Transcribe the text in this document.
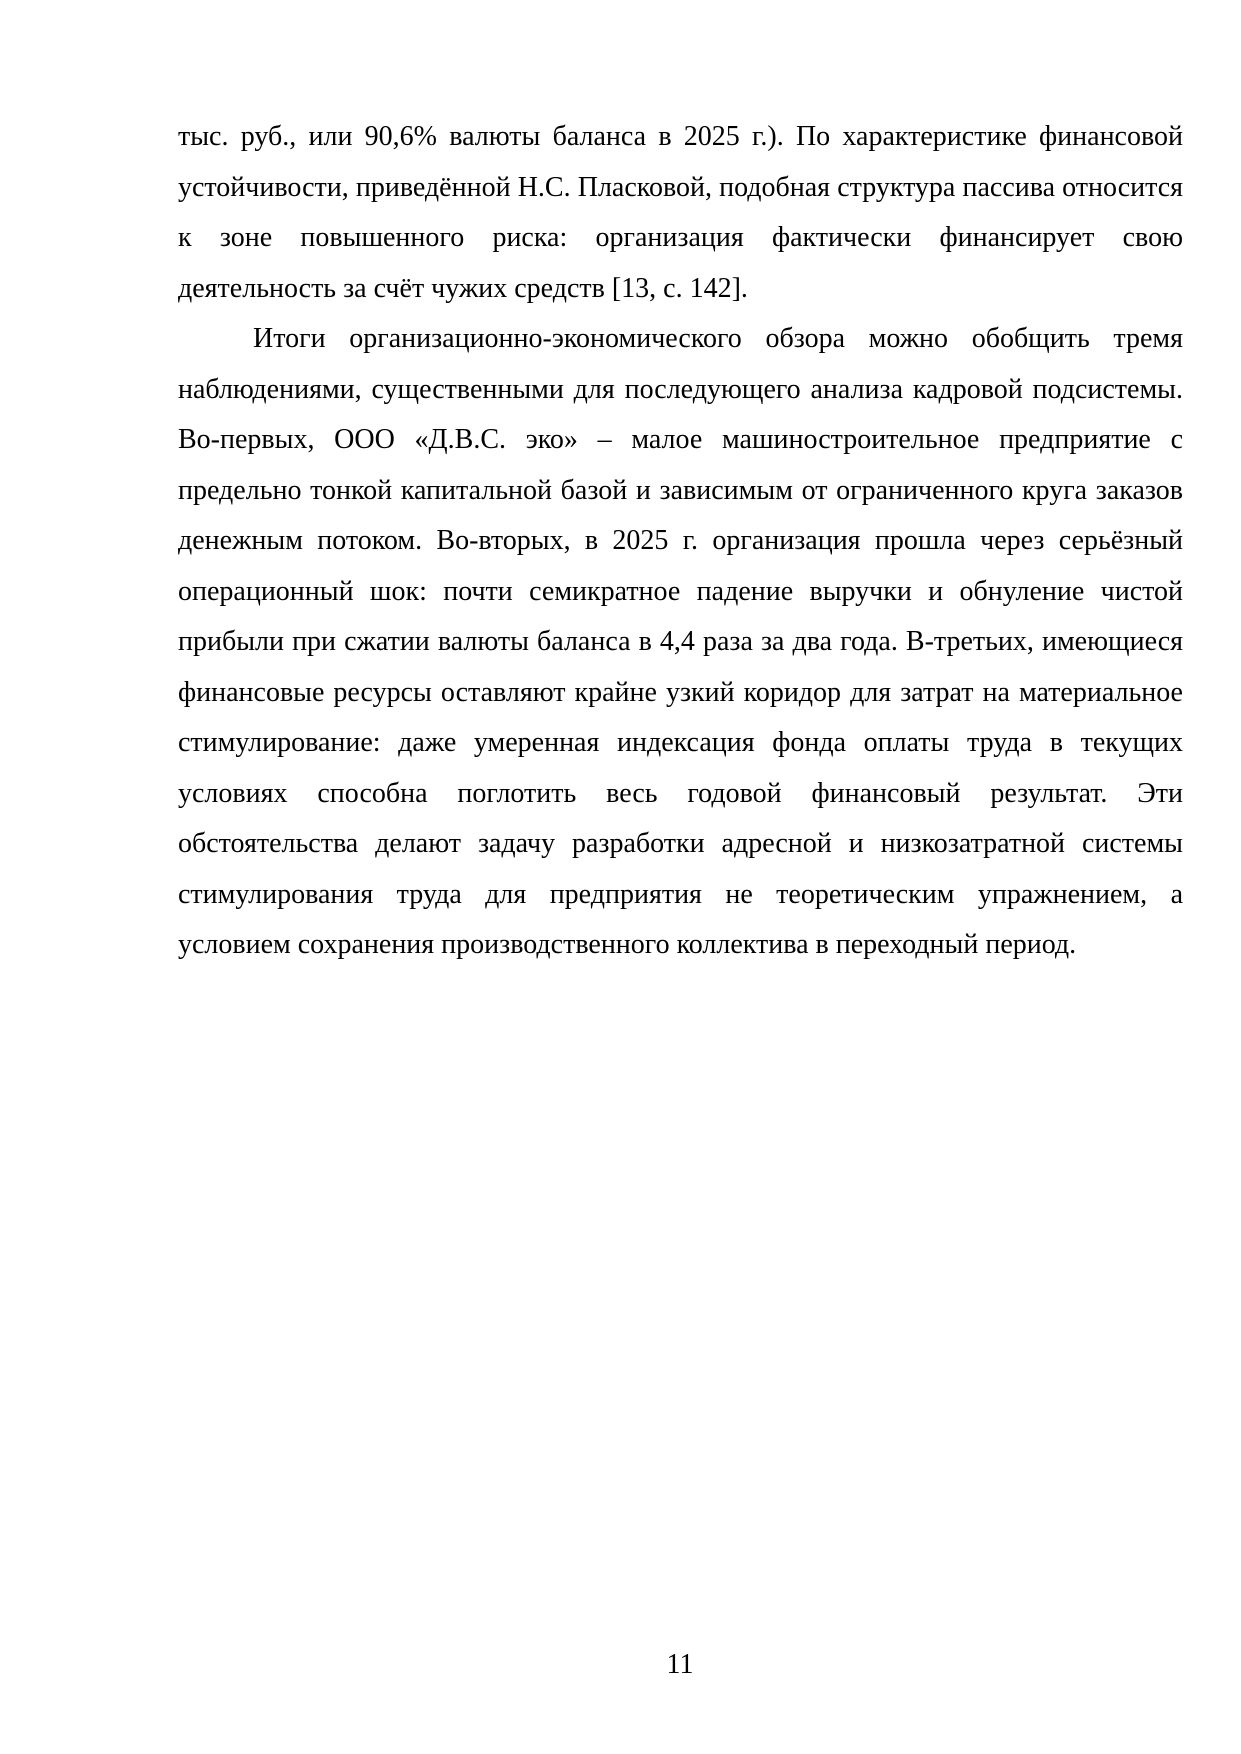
тыс. руб., или 90,6% валюты баланса в 2025 г.). По характеристике финансовой устойчивости, приведённой Н.С. Пласковой, подобная структура пассива относится к зоне повышенного риска: организация фактически финансирует свою деятельность за счёт чужих средств [13, с. 142].

Итоги организационно-экономического обзора можно обобщить тремя наблюдениями, существенными для последующего анализа кадровой подсистемы. Во-первых, ООО «Д.В.С. эко» – малое машиностроительное предприятие с предельно тонкой капитальной базой и зависимым от ограниченного круга заказов денежным потоком. Во-вторых, в 2025 г. организация прошла через серьёзный операционный шок: почти семикратное падение выручки и обнуление чистой прибыли при сжатии валюты баланса в 4,4 раза за два года. В-третьих, имеющиеся финансовые ресурсы оставляют крайне узкий коридор для затрат на материальное стимулирование: даже умеренная индексация фонда оплаты труда в текущих условиях способна поглотить весь годовой финансовый результат. Эти обстоятельства делают задачу разработки адресной и низкозатратной системы стимулирования труда для предприятия не теоретическим упражнением, а условием сохранения производственного коллектива в переходный период.

11
